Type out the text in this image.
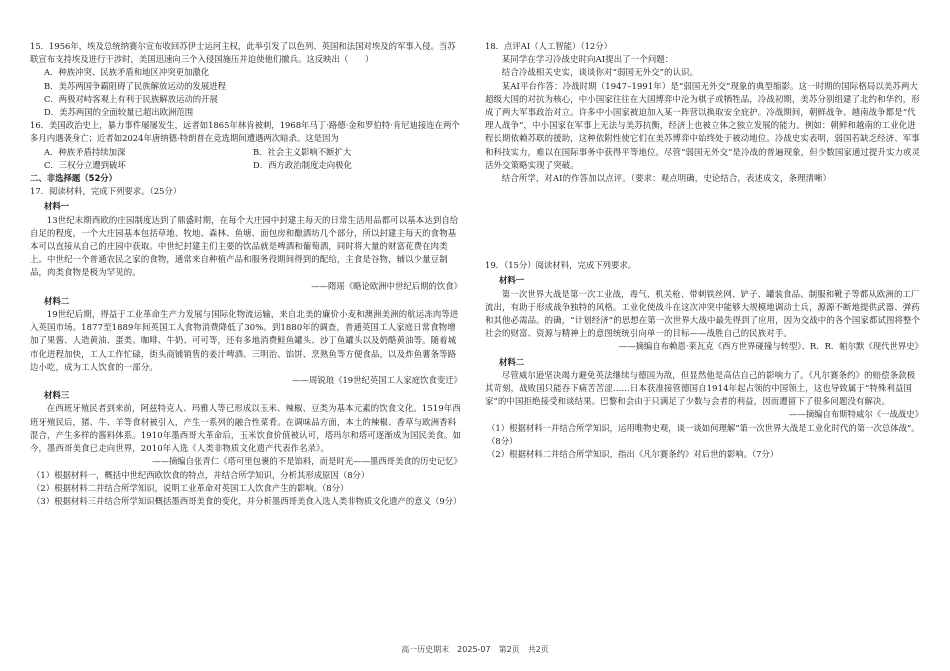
15．1956年，埃及总统纳赛尔宣布收回苏伊士运河主权，此举引发了以色列、英国和法国对埃及的军事入侵。当苏联宣布支持埃及进行干涉时，美国迅速向三个入侵国施压并迫使他们撤兵。这反映出（　　）

A．种族冲突、民族矛盾和地区冲突更加激化

B．美苏两国争霸阻碍了民族解放运动的发展进程

C．两极对峙客观上有利于民族解放运动的开展

D．美苏两国的全面较量已超出欧洲范围

16．美国政治史上，暴力事件屡屡发生，远者如1865年林肯被刺，1968年马丁·路德·金和罗伯特·肯尼迪接连在两个多月内遇袭身亡；近者如2024年唐纳德·特朗普在竞选期间遭遇两次暗杀。这是因为

A．种族矛盾持续加深	B．社会主义影响不断扩大
C．三权分立遭到破坏	D．西方政治制度走向极化

二、非选择题（52分）

17．阅读材料，完成下列要求。（25分）

材料一

13世纪末期西欧的庄园制度达到了鼎盛时期，在每个大庄园中封建主每天的日常生活用品都可以基本达到自给自足的程度，一个大庄园基本包括草地、牧地、森林、鱼塘、面包房和酿酒坊几个部分，所以封建主每天的食物基本可以直接从自己的庄园中获取。中世纪封建主们主要的饮品就是啤酒和葡萄酒，同时将大量的财富花费在肉类上。中世纪一个普通农民之家的食物，通常来自种植产品和服务役期间得到的配给，主食是谷物，辅以少量豆制品，肉类食物是极为罕见的。

——隋瑶《略论欧洲中世纪后期的饮食》

材料二

19世纪后期，得益于工业革命生产力发展与国际化物流运输，来自北美的廉价小麦和澳洲美洲的航运冻肉等进入英国市场。1877至1889年间英国工人食物消费降低了30%。到1880年的调查，普通英国工人家庭日常食物增加了果酱、人造黄油、蛋类、咖啡、牛奶、可可等，还有多地消费鲑鱼罐头、沙丁鱼罐头以及奶酪黄油等。随着城市化进程加快，工人工作忙碌，街头商铺销售的姜汁啤酒、三明治、馅饼、烹熟鱼等方便食品，以及炸鱼薯条等路边小吃，成为工人饮食的一部分。

——周锐琅《19世纪英国工人家庭饮食变迁》

材料三

在西班牙殖民者到来前，阿兹特克人、玛雅人等已形成以玉米、辣椒、豆类为基本元素的饮食文化。1519年西班牙殖民后，猪、牛、羊等食材被引入，产生一系列的融合性菜肴。在调味品方面，本土的辣椒、香草与欧洲香料混合，产生多样的酱料体系。1910年墨西哥大革命后，玉米饮食价值被认可，塔玛尔和塔可逐渐成为国民美食。如今，墨西哥美食已走向世界，2010年入选《人类非物质文化遗产代表作名录》。

——摘编自张青仁《塔可里包裹的不是馅料，而是时光——墨西哥美食的历史记忆》

（1）根据材料一，概括中世纪西欧饮食的特点，并结合所学知识，分析其形成原因（8分）

（2）根据材料二并结合所学知识，说明工业革命对英国工人饮食产生的影响。（8分）

（3）根据材料三并结合所学知识概括墨西哥美食的变化，并分析墨西哥美食入选人类非物质文化遗产的意义（9分）

18．点评AI（人工智能）（12分）

某同学在学习冷战史时向AI提出了一个问题：

结合冷战相关史实，谈谈你对“弱国无外交”的认识。

某AI平台作答：冷战时期（1947–1991年）是“弱国无外交”现象的典型缩影。这一时期的国际格局以美苏两大超级大国的对抗为核心，中小国家往往在大国博弈中沦为棋子或牺牲品，冷战初期，美苏分别组建了北约和华约，形成了两大军事政治对立。许多中小国家被迫加入某一阵营以换取安全庇护。冷战期间，朝鲜战争、越南战争都是“代理人战争”，中小国家在军事上无法与美苏抗衡，经济上也被立体之独立发展的能力。例如：朝鲜和越南的工业化进程长期依赖苏联的援助，这种依附性使它们在美苏博弈中始终处于被动地位。冷战史实表明，弱国若缺乏经济、军事和科技实力，难以在国际事务中获得平等地位。尽管“弱国无外交”是冷战的普遍现象，但少数国家通过提升实力或灵活外交策略实现了突破。

结合所学，对AI的作答加以点评。（要求：观点明确，史论结合，表述成文，条理清晰）

19．（15分）阅读材料，完成下列要求。

材料一

第一次世界大战是第一次工业战，毒气、机关枪、带刺铁丝网、铲子、罐装食品、制服和靴子等都从欧洲的工厂流出，有助于形成战争独特的风格。工业化使战斗在这次冲突中能够大规模地调动士兵，源源不断地提供武器、弹药和其他必需品。的确，“计划经济”的思想在第一次世界大战中最先得到了应用，因为交战中的各个国家都试图将整个社会的财富、资源与精神上的意图统统引向单一的目标——战胜自己的民族对手。

——摘编自布赖恩·莱瓦克《西方世界碰撞与转型》、R．R．帕尔默《现代世界史》

材料二

尽管威尔逊坚决竭力避免英法继续与德国为敌，但显然他是高估自己的影响力了。《凡尔赛条约》的赔偿条款极其苛刻，战败国只能吞下痛苦苦涩……日本获准接管德国自1914年起占领的中国领土，这也导致属于“特殊利益国家”的中国拒绝接受和谈结果。巴黎和会由于只满足了少数与会者的利益，因而遭留下了很多问题没有解决。

——摘编自布斯特威尔《一战战史》

（1）根据材料一并结合所学知识，运用唯物史观，谈一谈如何理解“第一次世界大战是工业化时代的第一次总体战”。（8分）

（2）根据材料二并结合所学知识，指出《凡尔赛条约》对后世的影响。（7分）

高一历史期末　2025-07　第2页　共2页
